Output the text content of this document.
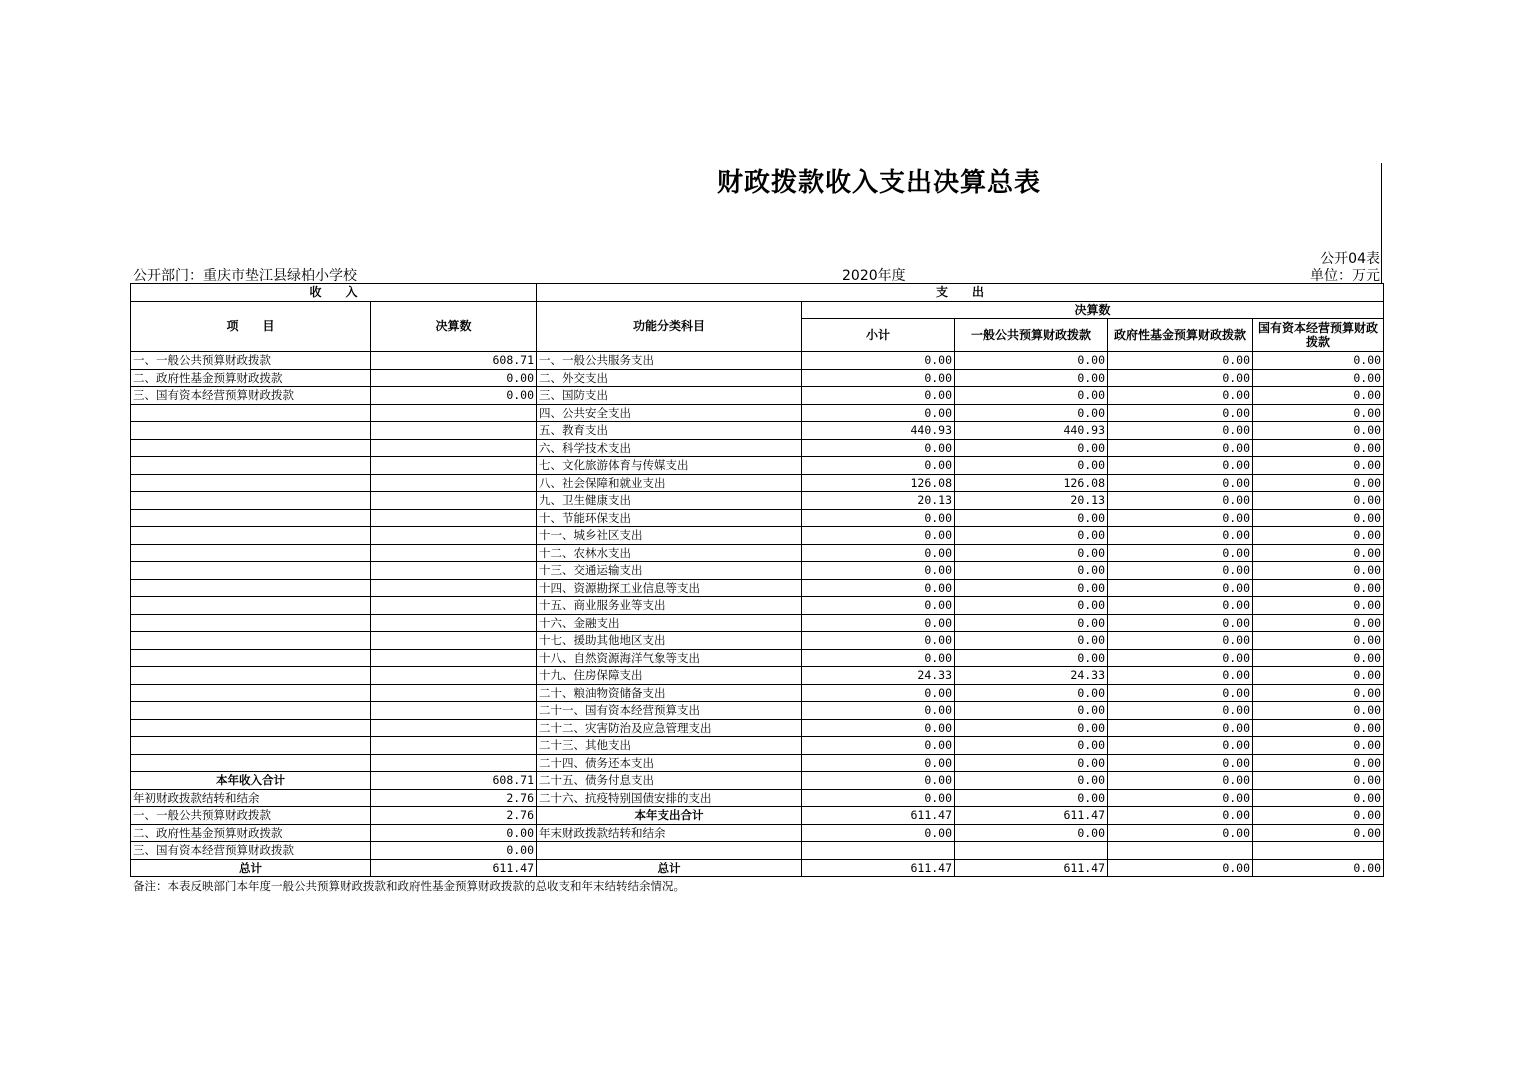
财政拨款收入支出决算总表
公开04表
公开部门：重庆市垫江县绿柏小学校	2020年度	单位：万元
收　　入		支　　出				
项　　目	决算数	功能分类科目	决算数			
			小计	一般公共预算财政拨款	政府性基金预算财政拨款	国有资本经营预算财政拨款
一、一般公共预算财政拨款	608.71	一、一般公共服务支出	0.00	0.00	0.00	0.00
二、政府性基金预算财政拨款	0.00	二、外交支出	0.00	0.00	0.00	0.00
三、国有资本经营预算财政拨款	0.00	三、国防支出	0.00	0.00	0.00	0.00
		四、公共安全支出	0.00	0.00	0.00	0.00
		五、教育支出	440.93	440.93	0.00	0.00
		六、科学技术支出	0.00	0.00	0.00	0.00
		七、文化旅游体育与传媒支出	0.00	0.00	0.00	0.00
		八、社会保障和就业支出	126.08	126.08	0.00	0.00
		九、卫生健康支出	20.13	20.13	0.00	0.00
		十、节能环保支出	0.00	0.00	0.00	0.00
		十一、城乡社区支出	0.00	0.00	0.00	0.00
		十二、农林水支出	0.00	0.00	0.00	0.00
		十三、交通运输支出	0.00	0.00	0.00	0.00
		十四、资源勘探工业信息等支出	0.00	0.00	0.00	0.00
		十五、商业服务业等支出	0.00	0.00	0.00	0.00
		十六、金融支出	0.00	0.00	0.00	0.00
		十七、援助其他地区支出	0.00	0.00	0.00	0.00
		十八、自然资源海洋气象等支出	0.00	0.00	0.00	0.00
		十九、住房保障支出	24.33	24.33	0.00	0.00
		二十、粮油物资储备支出	0.00	0.00	0.00	0.00
		二十一、国有资本经营预算支出	0.00	0.00	0.00	0.00
		二十二、灾害防治及应急管理支出	0.00	0.00	0.00	0.00
		二十三、其他支出	0.00	0.00	0.00	0.00
		二十四、债务还本支出	0.00	0.00	0.00	0.00
本年收入合计	608.71	二十五、债务付息支出	0.00	0.00	0.00	0.00
年初财政拨款结转和结余	2.76	二十六、抗疫特别国债安排的支出	0.00	0.00	0.00	0.00
一、一般公共预算财政拨款	2.76	本年支出合计	611.47	611.47	0.00	0.00
二、政府性基金预算财政拨款	0.00	年末财政拨款结转和结余	0.00	0.00	0.00	0.00
三、国有资本经营预算财政拨款	0.00					
总计	611.47	总计	611.47	611.47	0.00	0.00
备注：本表反映部门本年度一般公共预算财政拨款和政府性基金预算财政拨款的总收支和年末结转结余情况。
